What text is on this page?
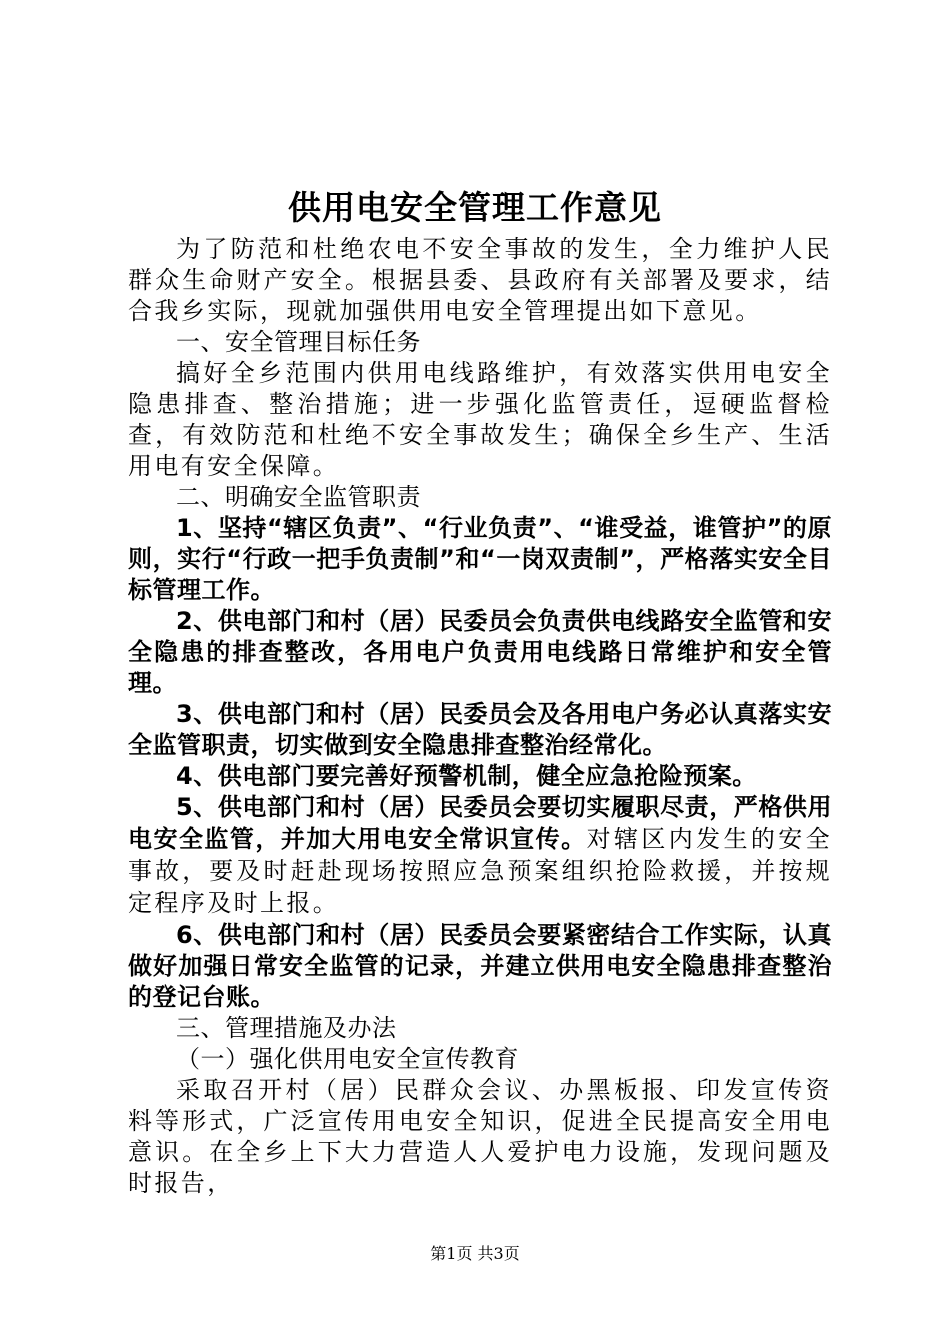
供用电安全管理工作意见

为了防范和杜绝农电不安全事故的发生，全力维护人民群众生命财产安全。根据县委、县政府有关部署及要求，结合我乡实际，现就加强供用电安全管理提出如下意见。

一、安全管理目标任务

搞好全乡范围内供用电线路维护，有效落实供用电安全隐患排查、整治措施；进一步强化监管责任，逗硬监督检查，有效防范和杜绝不安全事故发生；确保全乡生产、生活用电有安全保障。

二、明确安全监管职责

1、坚持“辖区负责”、“行业负责”、“谁受益，谁管护”的原则，实行“行政一把手负责制”和“一岗双责制”，严格落实安全目标管理工作。

2、供电部门和村（居）民委员会负责供电线路安全监管和安全隐患的排查整改，各用电户负责用电线路日常维护和安全管理。

3、供电部门和村（居）民委员会及各用电户务必认真落实安全监管职责，切实做到安全隐患排查整治经常化。

4、供电部门要完善好预警机制，健全应急抢险预案。

5、供电部门和村（居）民委员会要切实履职尽责，严格供用电安全监管，并加大用电安全常识宣传。对辖区内发生的安全事故，要及时赶赴现场按照应急预案组织抢险救援，并按规定程序及时上报。

6、供电部门和村（居）民委员会要紧密结合工作实际，认真做好加强日常安全监管的记录，并建立供用电安全隐患排查整治的登记台账。

三、管理措施及办法

（一）强化供用电安全宣传教育

采取召开村（居）民群众会议、办黑板报、印发宣传资料等形式，广泛宣传用电安全知识，促进全民提高安全用电意识。在全乡上下大力营造人人爱护电力设施，发现问题及时报告，

第1页 共3页
